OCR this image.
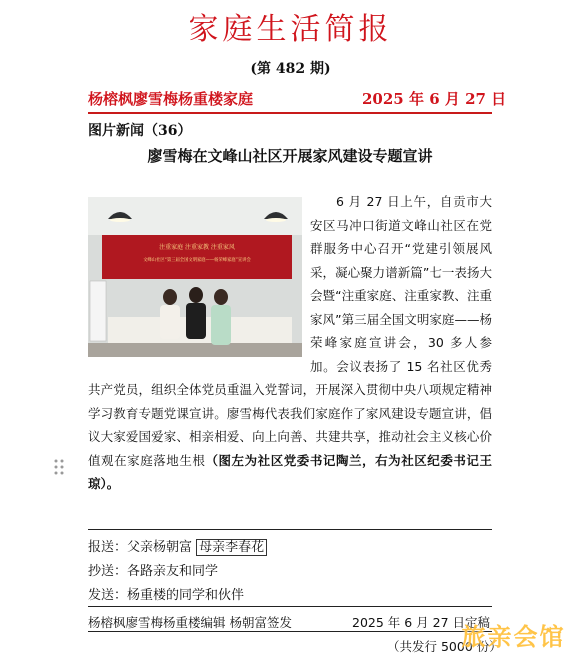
家庭生活简报
(第 482 期)
杨榕枫廖雪梅杨重楼家庭	2025 年 6 月 27 日
图片新闻（36）
廖雪梅在文峰山社区开展家风建设专题宣讲
注重家庭 注重家教 注重家风
文峰山社区“第三届全国文明家庭——杨荣峰家庭”宣讲会
6 月 27 日上午，自贡市大安区马冲口街道文峰山社区在党群服务中心召开“党建引领展风采，凝心聚力谱新篇”七一表扬大会暨“注重家庭、注重家教、注重家风”第三届全国文明家庭——杨荣峰家庭宣讲会，30 多人参加。会议表扬了 15 名社区优秀共产党员，组织全体党员重温入党誓词，开展深入贯彻中央八项规定精神学习教育专题党课宣讲。廖雪梅代表我们家庭作了家风建设专题宣讲，倡议大家爱国爱家、相亲相爱、向上向善、共建共享，推动社会主义核心价值观在家庭落地生根（图左为社区党委书记陶兰，右为社区纪委书记王琼）。
报送：父亲杨朝富 母亲李春花
抄送：各路亲友和同学
发送：杨重楼的同学和伙伴
杨榕枫廖雪梅杨重楼编辑 杨朝富签发	2025 年 6 月 27 日定稿
（共发行 5000 份）
旅亲会馆
